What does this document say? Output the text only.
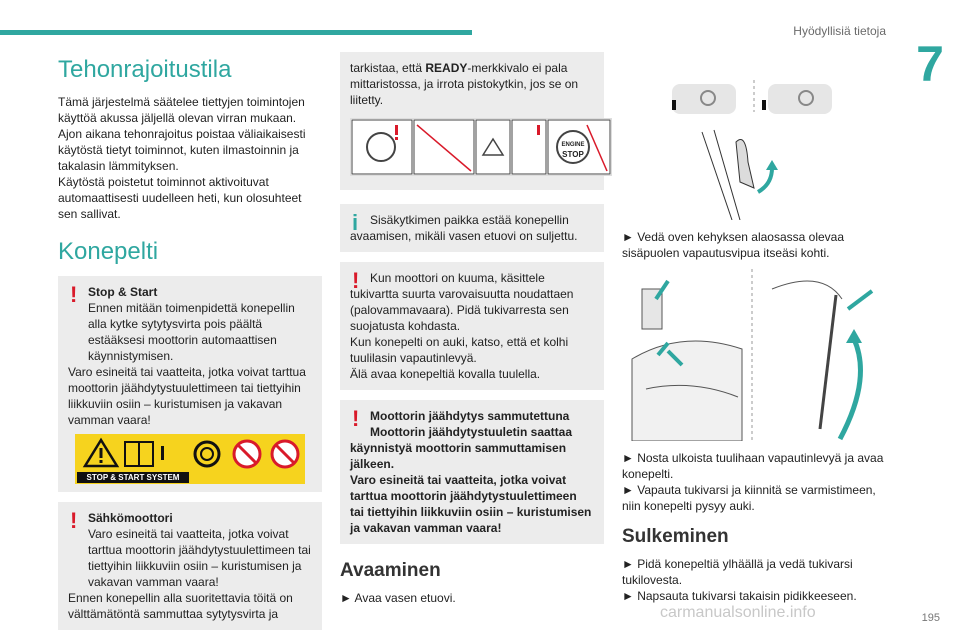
Hyödyllisiä tietoja
7
Tehonrajoitustila

Tämä järjestelmä säätelee tiettyjen toimintojen käyttöä akussa jäljellä olevan virran mukaan.

Ajon aikana tehonrajoitus poistaa väliaikaisesti käytöstä tietyt toiminnot, kuten ilmastoinnin ja takalasin lämmityksen.

Käytöstä poistetut toiminnot aktivoituvat automaattisesti uudelleen heti, kun olosuhteet sen sallivat.

Konepelti
! Stop & Start
Ennen mitään toimenpidettä konepellin alla kytke sytytysvirta pois päältä estääksesi moottorin automaattisen käynnistymisen.
Varo esineitä tai vaatteita, jotka voivat tarttua moottorin jäähdytystuulettimeen tai tiettyihin liikkuviin osiin – kuristumisen ja vakavan vamman vaara!
STOP & START SYSTEM
! Sähkömoottori
Varo esineitä tai vaatteita, jotka voivat tarttua moottorin jäähdytystuulettimeen tai tiettyihin liikkuviin osiin – kuristumisen ja vakavan vamman vaara!
Ennen konepellin alla suoritettavia töitä on välttämätöntä sammuttaa sytytysvirta ja
tarkistaa, että READY-merkkivalo ei pala mittaristossa, ja irrota pistokytkin, jos se on liitetty.
ENGINE
STOP
i Sisäkytkimen paikka estää konepellin avaamisen, mikäli vasen etuovi on suljettu.
! Kun moottori on kuuma, käsittele tukivartta suurta varovaisuutta noudattaen (palovammavaara). Pidä tukivarresta sen suojatusta kohdasta.
Kun konepelti on auki, katso, että et kolhi tuulilasin vapautinlevyä.
Älä avaa konepeltiä kovalla tuulella.
! Moottorin jäähdytys sammutettuna
Moottorin jäähdytystuuletin saattaa käynnistyä moottorin sammuttamisen jälkeen.
Varo esineitä tai vaatteita, jotka voivat tarttua moottorin jäähdytystuulettimeen tai tiettyihin liikkuviin osiin – kuristumisen ja vakavan vamman vaara!
Avaaminen

► Avaa vasen etuovi.

► Vedä oven kehyksen alaosassa olevaa sisäpuolen vapautusvipua itseäsi kohti.

► Nosta ulkoista tuulihaan vapautinlevyä ja avaa konepelti.

► Vapauta tukivarsi ja kiinnitä se varmistimeen, niin konepelti pysyy auki.

Sulkeminen

► Pidä konepeltiä ylhäällä ja vedä tukivarsi tukilovesta.

► Napsauta tukivarsi takaisin pidikkeeseen.

carmanualsonline.info	195
